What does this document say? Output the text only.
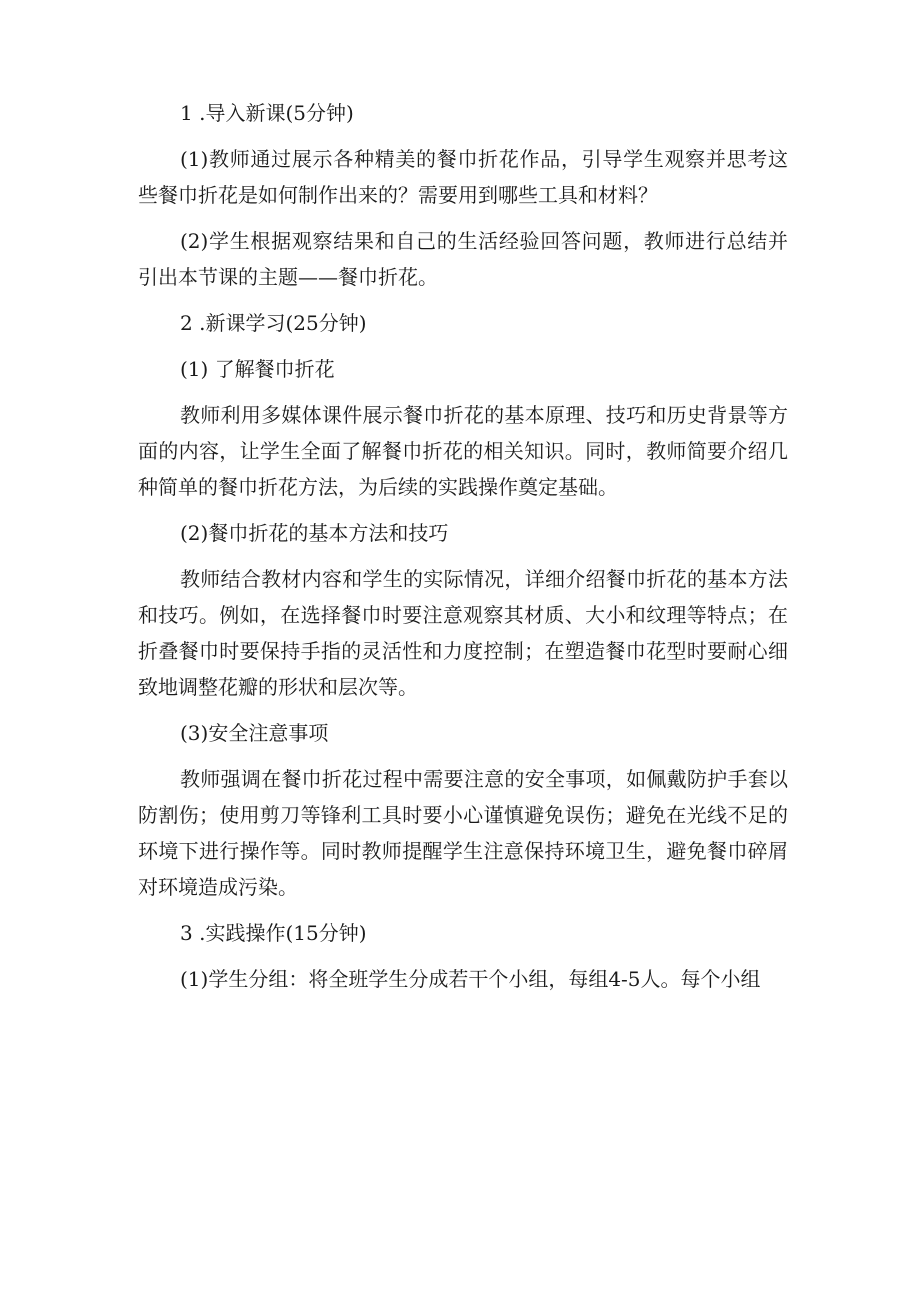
1 .导入新课(5分钟)
(1)教师通过展示各种精美的餐巾折花作品，引导学生观察并思考这些餐巾折花是如何制作出来的？需要用到哪些工具和材料？
(2)学生根据观察结果和自己的生活经验回答问题，教师进行总结并引出本节课的主题——餐巾折花。
2 .新课学习(25分钟)
(1) 了解餐巾折花
教师利用多媒体课件展示餐巾折花的基本原理、技巧和历史背景等方面的内容，让学生全面了解餐巾折花的相关知识。同时，教师简要介绍几种简单的餐巾折花方法，为后续的实践操作奠定基础。
(2)餐巾折花的基本方法和技巧
教师结合教材内容和学生的实际情况，详细介绍餐巾折花的基本方法和技巧。例如，在选择餐巾时要注意观察其材质、大小和纹理等特点；在折叠餐巾时要保持手指的灵活性和力度控制；在塑造餐巾花型时要耐心细致地调整花瓣的形状和层次等。
(3)安全注意事项
教师强调在餐巾折花过程中需要注意的安全事项，如佩戴防护手套以防割伤；使用剪刀等锋利工具时要小心谨慎避免误伤；避免在光线不足的环境下进行操作等。同时教师提醒学生注意保持环境卫生，避免餐巾碎屑对环境造成污染。
3 .实践操作(15分钟)
(1)学生分组：将全班学生分成若干个小组，每组4-5人。每个小组
